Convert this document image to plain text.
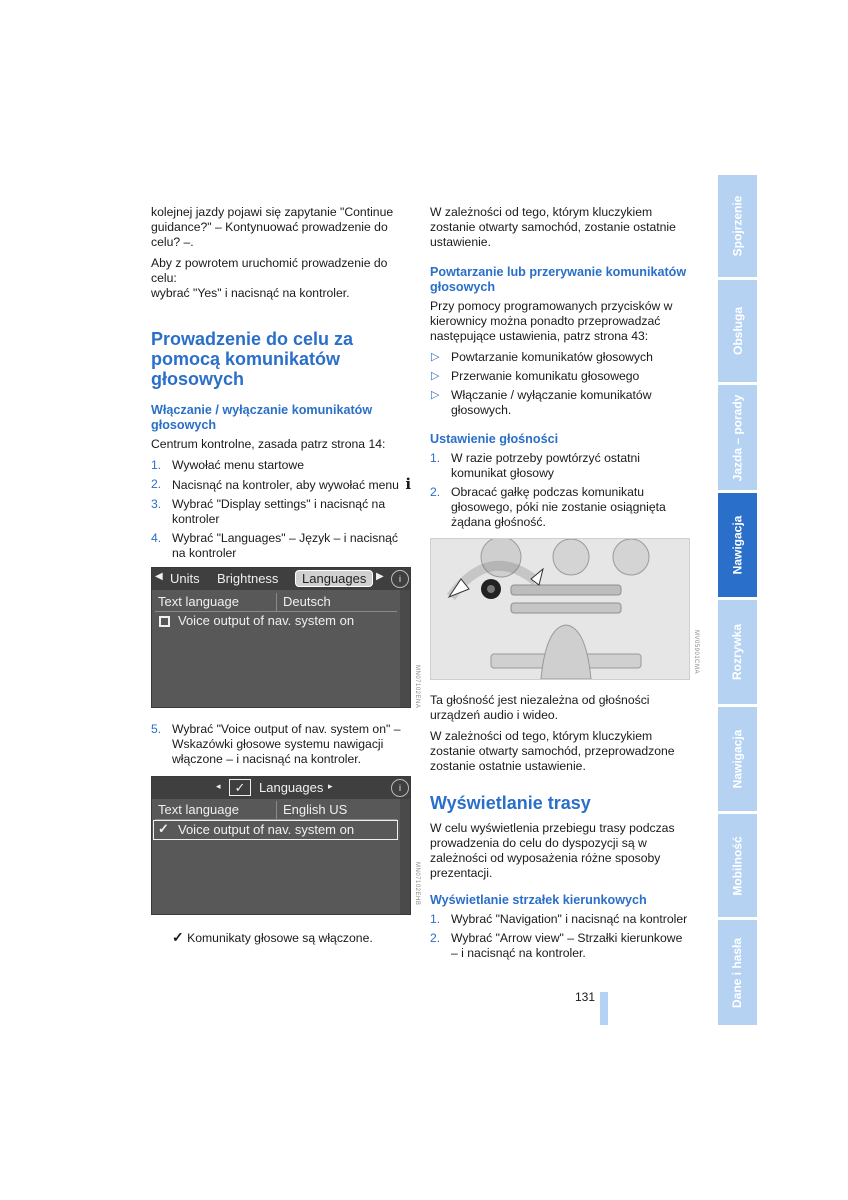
kolejnej jazdy pojawi się zapytanie "Continue guidance?" – Kontynuować prowadzenie do celu? –.

Aby z powrotem uruchomić prowadzenie do celu:
wybrać "Yes" i nacisnąć na kontroler.

Prowadzenie do celu za pomocą komunikatów głosowych
Włączanie / wyłączanie komunikatów głosowych

Centrum kontrolne, zasada patrz strona 14:

1. Wywołać menu startowe
2. Nacisnąć na kontroler, aby wywołać menu i
3. Wybrać "Display settings" i nacisnąć na kontroler
4. Wybrać "Languages" – Język – i nacisnąć na kontroler
◀ Units Brightness	Languages ▶	i
Text language	Deutsch
Voice output of nav. system on
MN07102ENA
5. Wybrać "Voice output of nav. system on" – Wskazówki głosowe systemu nawigacji włączone – i nacisnąć na kontroler.
◂	✓	Languages ▸	i
Text language	English US
✓ Voice output of nav. system on
MN07102EHB
✓ Komunikaty głosowe są włączone.

W zależności od tego, którym kluczykiem zostanie otwarty samochód, zostanie ostatnie ustawienie.

Powtarzanie lub przerywanie komunikatów głosowych

Przy pomocy programowanych przycisków w kierownicy można ponadto przeprowadzać następujące ustawienia, patrz strona 43:

▷ Powtarzanie komunikatów głosowych
▷ Przerwanie komunikatu głosowego
▷ Włączanie / wyłączanie komunikatów głosowych.
Ustawienie głośności
1. W razie potrzeby powtórzyć ostatni komunikat głosowy
2. Obracać gałkę podczas komunikatu głosowego, póki nie zostanie osiągnięta żądana głośność.
MV05901CMA

Ta głośność jest niezależna od głośności urządzeń audio i wideo.

W zależności od tego, którym kluczykiem zostanie otwarty samochód, przeprowadzone zostanie ostatnie ustawienie.

Wyświetlanie trasy

W celu wyświetlenia przebiegu trasy podczas prowadzenia do celu do dyspozycji są w zależności od wyposażenia różne sposoby prezentacji.

Wyświetlanie strzałek kierunkowych
1. Wybrać "Navigation" i nacisnąć na kontroler
2. Wybrać "Arrow view" – Strzałki kierunkowe – i nacisnąć na kontroler.
131
Spojrzenie
Obsługa
Jazda – porady
Nawigacja
Rozrywka
Nawigacja
Mobilność
Dane i hasła
